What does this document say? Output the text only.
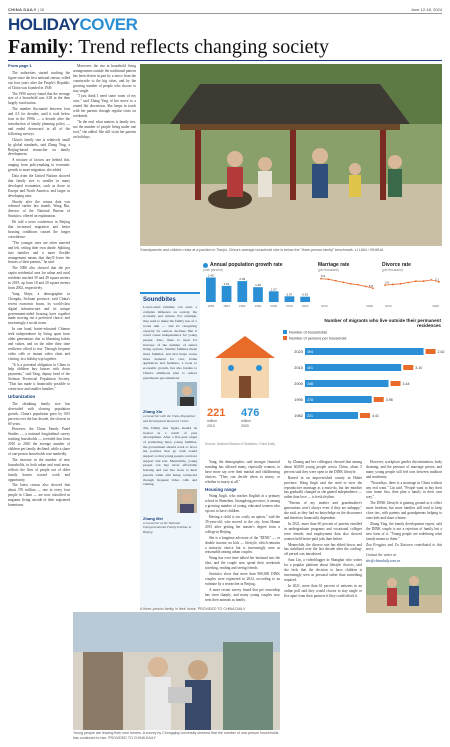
CHINA DAILY | 10	June 12-18, 2024
HOLIDAY COVER
Family: Trend reflects changing society

From page 1

The authorities started tracking the figure since the first national census, rolled out four years after the People's Republic of China was founded in 1949.

The 1990 survey found that the average size of a household was 4.28 in the then largely rural nation.

The number fluctuated between four and 4.5 for decades, until it took below four in the 1990s — a decade after the introduction of family planning policy — and ended downward in all of the following surveys.

China's family size is relatively small by global standards, said Zhang Ying, a Beijing-based researcher on family development.

A mixture of factors are behind this, ranging from policymaking to economic growth to more migration, she added.

Data from the United Nations showed that family size is smaller in many developed economies, such as those in Europe and North America, and larger in developing ones.

Shortly after the census data was released earlier last month, Wang Bin, director of the National Bureau of Statistics, offered an explanation.

He told a news conference in Beijing that increased migration and better housing conditions caused the longer coresidence.

"The younger ones are often married and left, setting their own abode. Splitting into families and a more flexible arrangement means that they'll leave the houses of their parents," he said.

The NBS also showed that the per capita residential area for urban and rural residents reached 39 and 49 square meters in 2019, up from 18 and 20 square meters from 2002, respectively.

Yang Shiyu, a demographer in Chengdu, Sichuan province, said China's recent economic boom, its world-class digital infrastructure and its unique government-aided housing have together made moving out a preferred choice, and increasingly a social norm.

In one hand, better-educated Chinese seek independence by living apart from older generations due to liberating habits and values, and on the other their time resilience afford to rise. Through frequent video calls or instant video chats and visiting, in a holiday trip together.

"It is a potential obligation in China to help children buy houses with down payments," said Yang, deputy head of the Sichuan Provincial Population Society. "That has made it financially possible to create new and smaller families."

Urbanization

The shrinking family size has dovetailed with slowing population growth. China's population grew by 0.05 percent over the last decade, the slowest in 60 years.

However, the China Family Panel Studies — a national longitudinal survey tracking households — revealed that from 2010 to 2020 the average number of children per family declined, while a share of one-person households rose markedly.

The increase in the number of new households, in both urban and rural areas, reflects the flow of people out of older family homes toward work and opportunity.

The latest census also showed that about 376 million — one in every four people in China — are now classified as migrants living outside of their registered hometown.

Moreover, the rise in household living arrangements outside the traditional pattern has been driven in part by a move from the countryside to the big cities, and by the growing number of people who choose to stay single.

"I just think I need some room of my own," said Zhang Ying of her move to a rented flat downtown. She keeps in touch with her parents through regular visits on weekends.

"In the end, what matters is family ties, not the number of people living under one roof," she added. She still visits her parents on holidays.

Grandparents and children relax at a pavilion in Tianjin. China's average household size is below the "three-person-family" benchmark. LI LIAN / XINHUA
Annual population growth rate
(unit: percent)
2.45
1953
1.61
1964
2.09
1982
1.48
1990
1.07
2000
0.57
2010
0.53
2020
Marriage rate
(per thousand)
9.9
2013
5.8
2020
Divorce rate
(per thousand)
2.6
2013
3.1
2020
Soundbites
Lower-sized families can exert a complex influence on society, the economy and culture. For example, they tend to make the family less of a social unit — and its caregiving capacity for seniors declines. But it could create independence for young people. Also, there is need for increase of the number of senior living options. Smaller families mean more families, and that helps create more demand for cars, home appliances and furniture, a boon to economic growth, but also burden to China's ambitious plan to reduce greenhouse gas emissions.
Zhang Xin
a researcher with the China Population and Development Research Center
The family size figure should be treated as a result of past development. After a five-year target of promoting more young families, the government should work to favor the policies that go with sound support so that young people can have support and rest. Meanwhile, young people can buy more affordable housing and can live close to their parents while still being connected through frequent video calls and visiting.
Zhang Mei
a researcher at the National Intergenerational Family Institute in Beijing
Number of migrants who live outside their permanent residences
221
million
2010
476
million
2020
Number of households
Number of persons per household
2020 494	2.62
2010 401	3.10
2000 348	3.44
1990 278	3.96
1982 221	4.41
Source: National Bureau of Statistics, China Daily

Yang, the demographer, said stronger financial standing has allowed many, especially women, to have more say over their marital and childbearing choices. "They can decide when to marry, or whether to marry at all."

Housing range

Wang Jingli, who teaches English at a primary school in Shenzhen, Guangdong province, is among a growing number of young, educated women who opt not to have children.

Having a child is too costly an option," said the 35-year-old, who moved to the city from Hunan 2015 after getting her master's degree from a college in Beijing.

She is a longtime advocate of the "DINK" — or double income, no kids — lifestyle, which remains a minority choice but is increasingly seen as reasonable among urban couples.

Wang has over time talked her husband into the idea, and the couple now spend their weekends traveling, reading and seeing friends.

Statistics show that more than 900,000 DINK couples were registered in 2024, according to an estimate by a researcher in Beijing.

A more recent survey found that pet ownership has risen sharply, and many young couples now treat their animals as family.

A three-person family in their home. PROVIDED TO CHINA DAILY
Young people are leaving their own homes. A survey by Chongqing University showed that the number of one-person households has continued to rise. PROVIDED TO CHINA DAILY

by Zhuang and her colleagues showed that among about 60,000 young people across China, about 5 percent said they were open to the DINK lifestyle.

Raised in an impoverished county in Hubei province, Wang Jingli said she used to view the reproductive marriage as a must-do, but her mindset has gradually changed as she gained independence — rather than love — is fresh rhythm.

"Parents of my mother and grandmother's generations won't always even if they are unhappy," she said, as they had no knowledge on the disconnect and therefore financially dependent.

In 2021, more than 60 percent of parents enrolled in undergraduate programs and vocational colleges were female, and employment data also showed women held better-paid jobs than before.

Meanwhile, the divorce rate has ebbed down, and has stabilized over the last decade after the cooling-off period was introduced.

Sara Lin, a videoblogger in Shanghai who writes for a popular platform about lifestyle choices, said she feels that the decision to have children is increasingly seen as personal rather than something required.

In 2021, more than 61 percent of netizens in an online poll said they would choose to stay single or live apart from their partners if they could afford it.

However, workplace gender discrimination, body shaming, and the pressure of marriage persist, and many young people still feel torn between tradition and modernity.

"Nowadays, there is a marriage in China without any real want," Lin said. "People want to buy their own home first, then plan a family in their own way."

The DINK lifestyle is gaining ground as it offers more freedom, but more families still tend to keep close ties, with parents and grandparents helping to raise kids and share a home.

Zhang Ying, the family development expert, said the DINK couple is not a rejection of family but a new form of it. "Young people are redefining what family means to them."

Zou Fengjiao and Xu Xiaowen contributed to this story.

Contact the writer at

zhe@chinadaily.com.cn
